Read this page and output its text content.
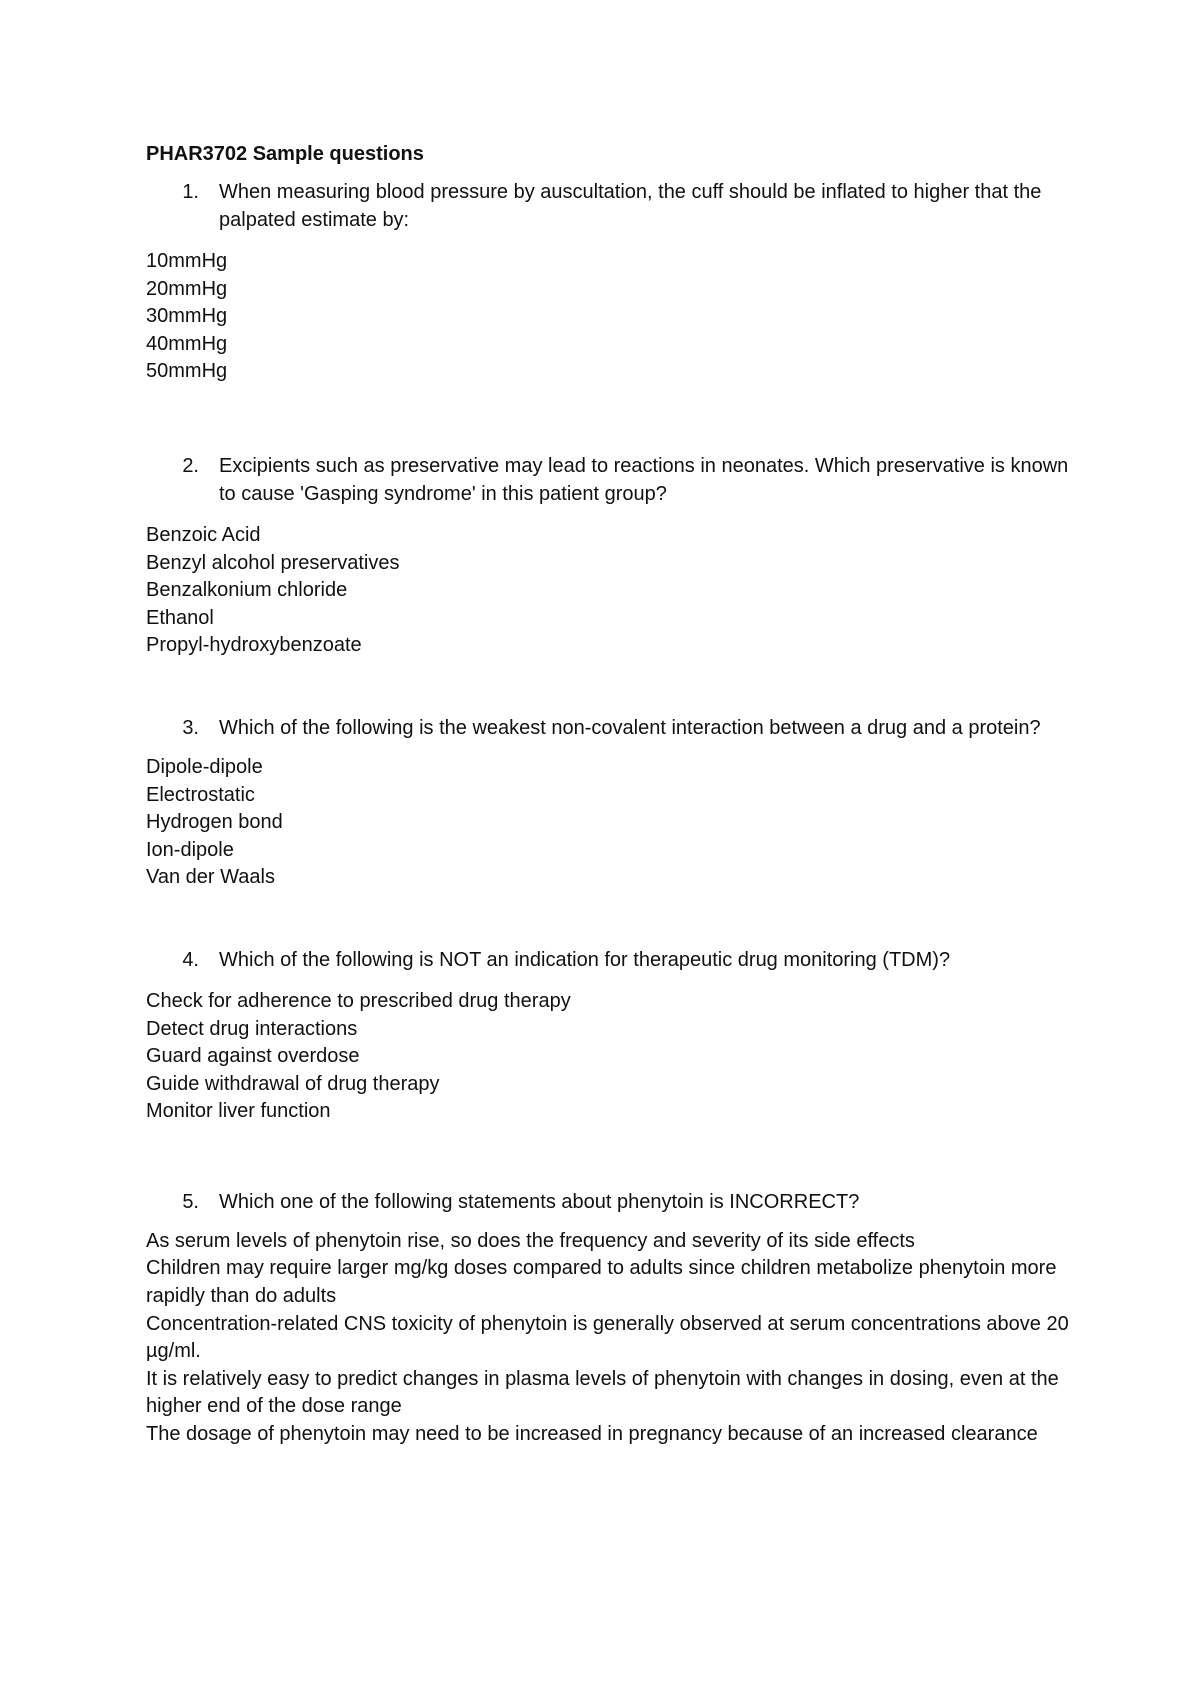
PHAR3702 Sample questions
1.	When measuring blood pressure by auscultation, the cuff should be inflated to higher that the palpated estimate by:
10mmHg
20mmHg
30mmHg
40mmHg
50mmHg
2.	Excipients such as preservative may lead to reactions in neonates. Which preservative is known to cause 'Gasping syndrome' in this patient group?
Benzoic Acid
Benzyl alcohol preservatives
Benzalkonium chloride
Ethanol
Propyl-hydroxybenzoate
3.	Which of the following is the weakest non-covalent interaction between a drug and a protein?
Dipole-dipole
Electrostatic
Hydrogen bond
Ion-dipole
Van der Waals
4.	Which of the following is NOT an indication for therapeutic drug monitoring (TDM)?
Check for adherence to prescribed drug therapy
Detect drug interactions
Guard against overdose
Guide withdrawal of drug therapy
Monitor liver function
5.	Which one of the following statements about phenytoin is INCORRECT?
As serum levels of phenytoin rise, so does the frequency and severity of its side effects
Children may require larger mg/kg doses compared to adults since children metabolize phenytoin more rapidly than do adults
Concentration-related CNS toxicity of phenytoin is generally observed at serum concentrations above 20 µg/ml.
It is relatively easy to predict changes in plasma levels of phenytoin with changes in dosing, even at the higher end of the dose range
The dosage of phenytoin may need to be increased in pregnancy because of an increased clearance
